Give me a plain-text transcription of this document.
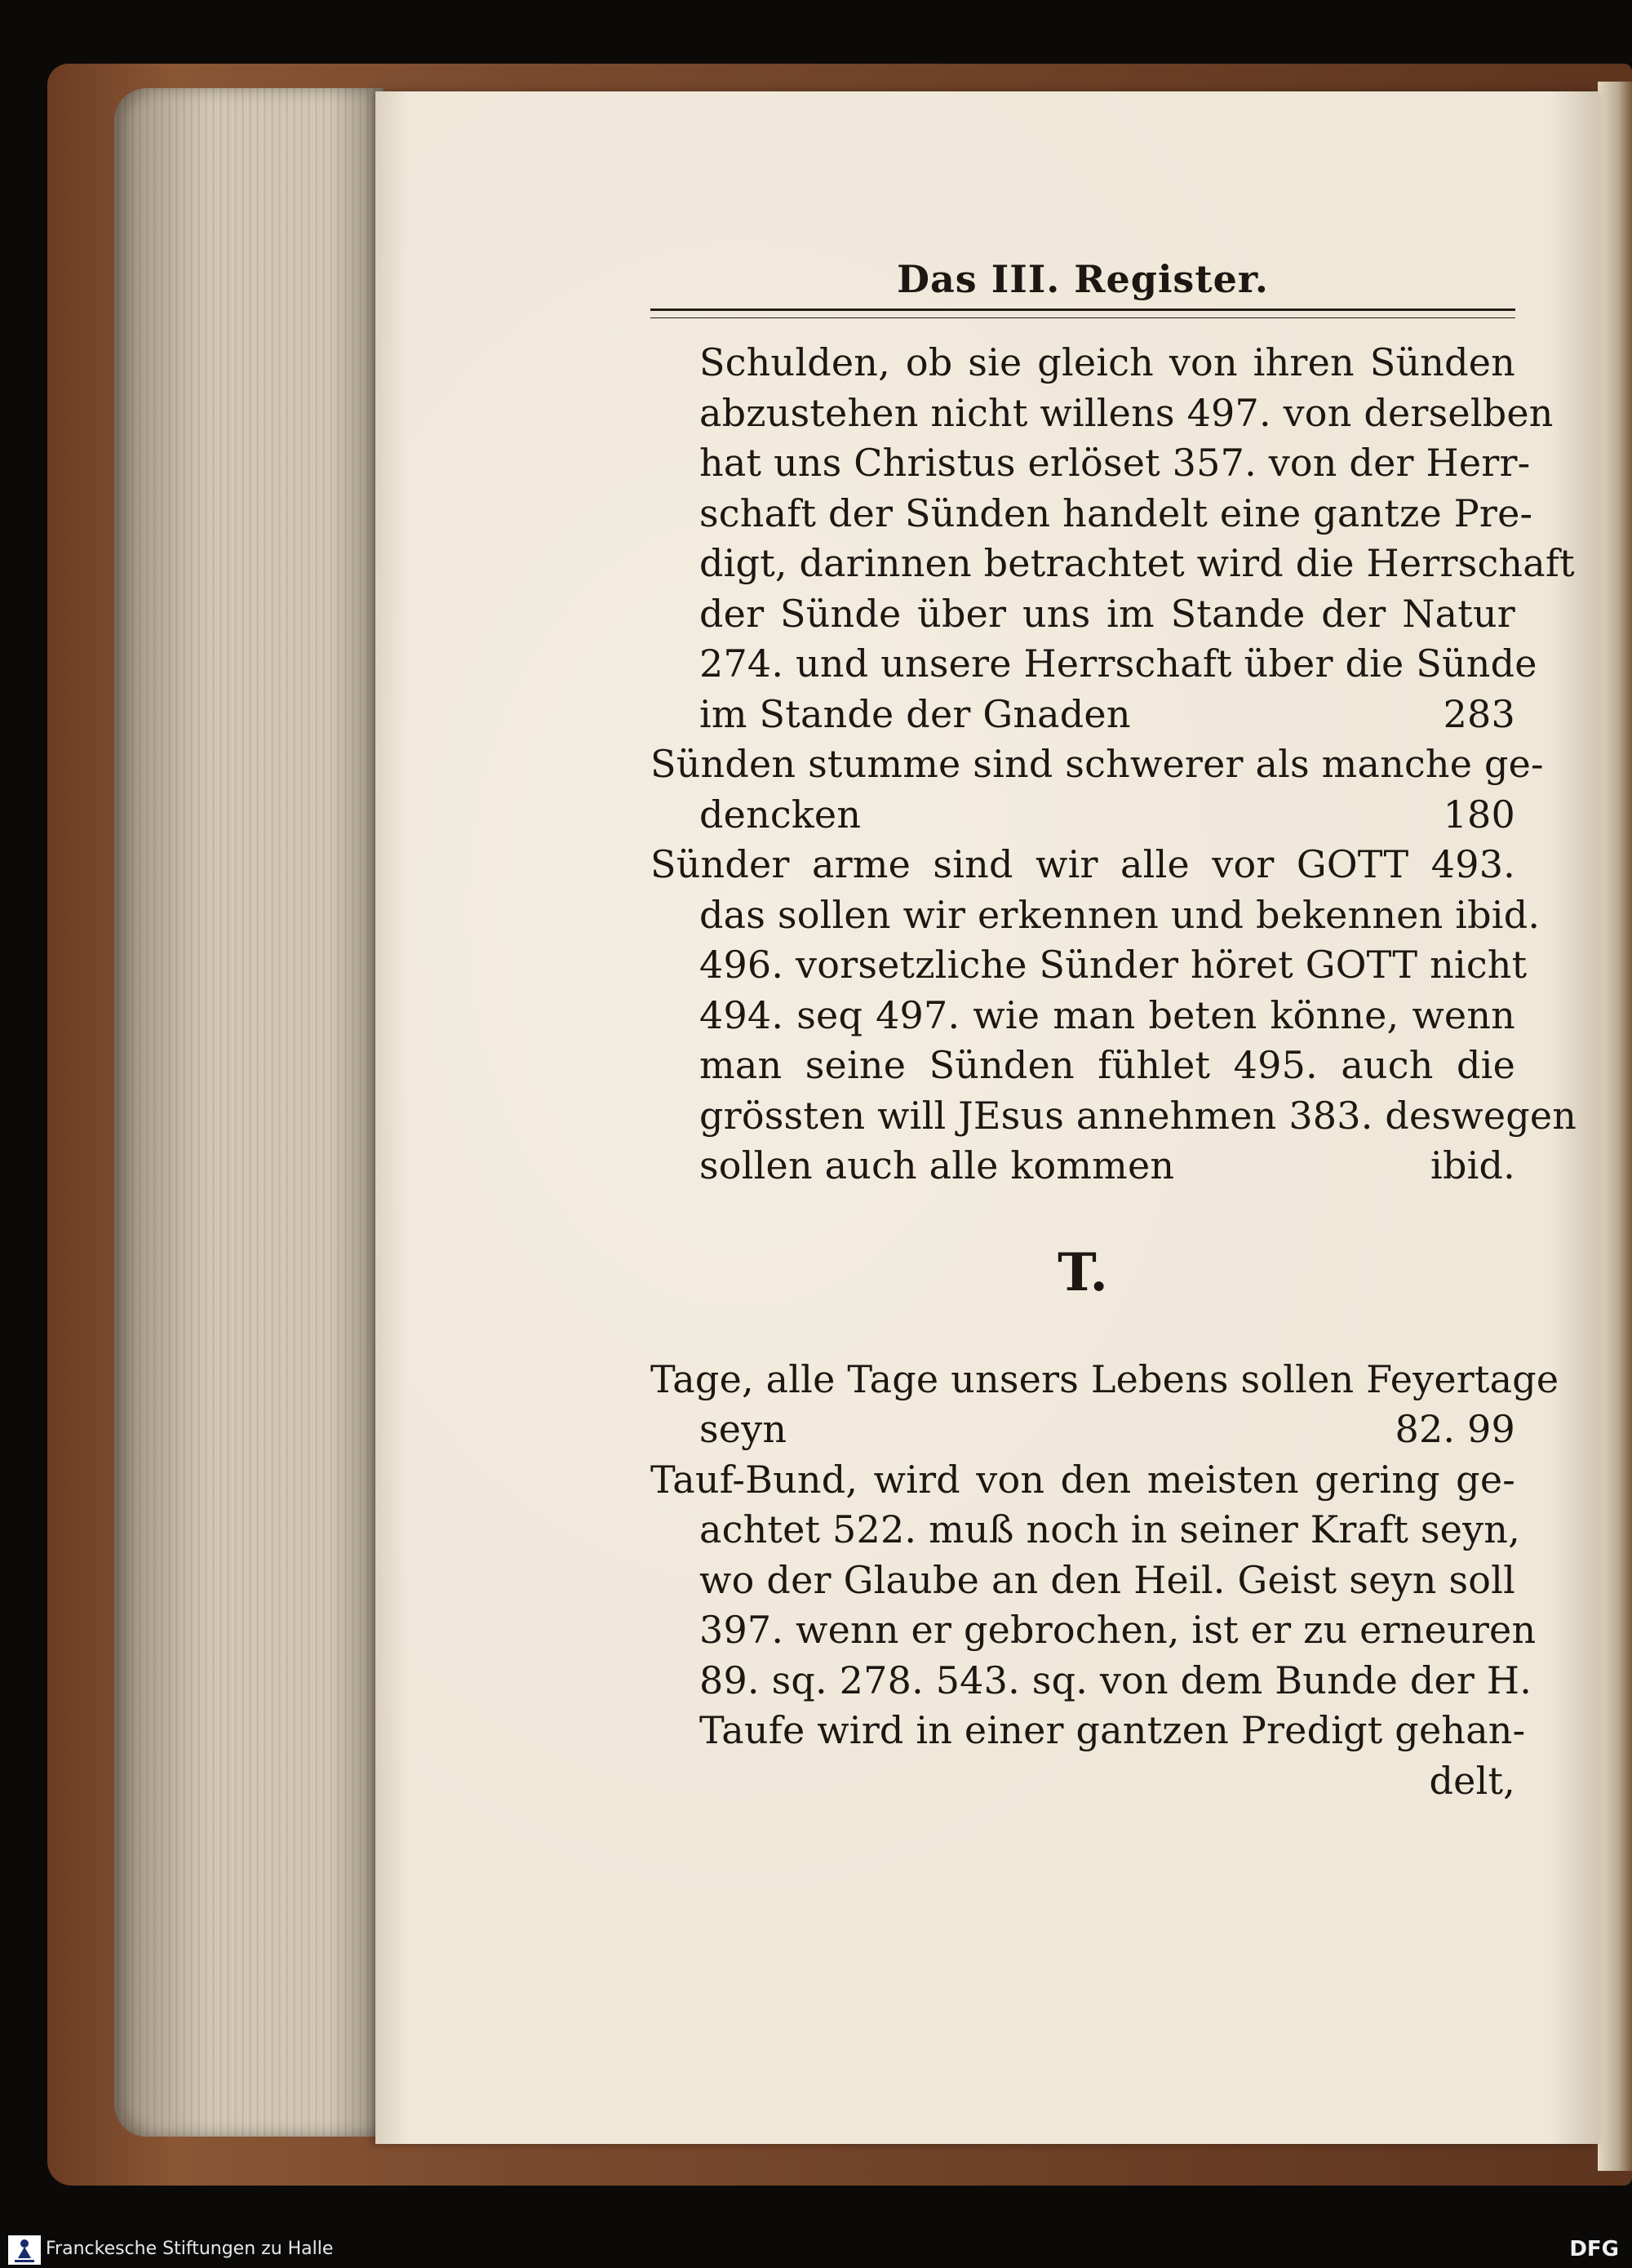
Das III. Register.
Schulden, ob sie gleich von ihren Sünden
abzustehen nicht willens 497. von derselben
hat uns Christus erlöset 357. von der Herr-
schaft der Sünden handelt eine gantze Pre-
digt, darinnen betrachtet wird die Herrschaft
der Sünde über uns im Stande der Natur
274. und unsere Herrschaft über die Sünde
im Stande der Gnaden	283
Sünden stumme sind schwerer als manche ge-
dencken	180
Sünder arme sind wir alle vor GOTT 493.
das sollen wir erkennen und bekennen ibid.
496. vorsetzliche Sünder höret GOTT nicht
494. seq 497. wie man beten könne, wenn
man seine Sünden fühlet 495. auch die
grössten will JEsus annehmen 383. deswegen
sollen auch alle kommen	ibid.
T.
Tage, alle Tage unsers Lebens sollen Feyertage
seyn	82. 99
Tauf-Bund, wird von den meisten gering ge-
achtet 522. muß noch in seiner Kraft seyn,
wo der Glaube an den Heil. Geist seyn soll
397. wenn er gebrochen, ist er zu erneuren
89. sq. 278. 543. sq. von dem Bunde der H.
Taufe wird in einer gantzen Predigt gehan-
delt,
Franckesche Stiftungen zu Halle	DFG
